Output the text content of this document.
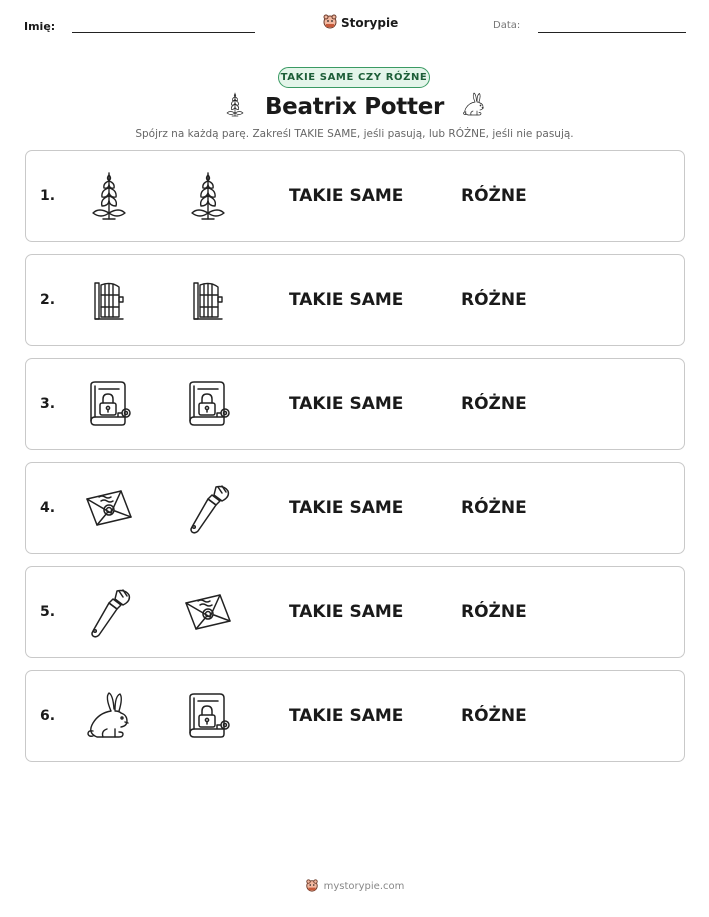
Imię:	Storypie	Data:
TAKIE SAME CZY RÓŻNE
Beatrix Potter

Spójrz na każdą parę. Zakreśl TAKIE SAME, jeśli pasują, lub RÓŻNE, jeśli nie pasują.

1.	TAKIE SAME	RÓŻNE
2.	TAKIE SAME	RÓŻNE
3.	TAKIE SAME	RÓŻNE
4.	TAKIE SAME	RÓŻNE
5.	TAKIE SAME	RÓŻNE
6.	TAKIE SAME	RÓŻNE
mystorypie.com
